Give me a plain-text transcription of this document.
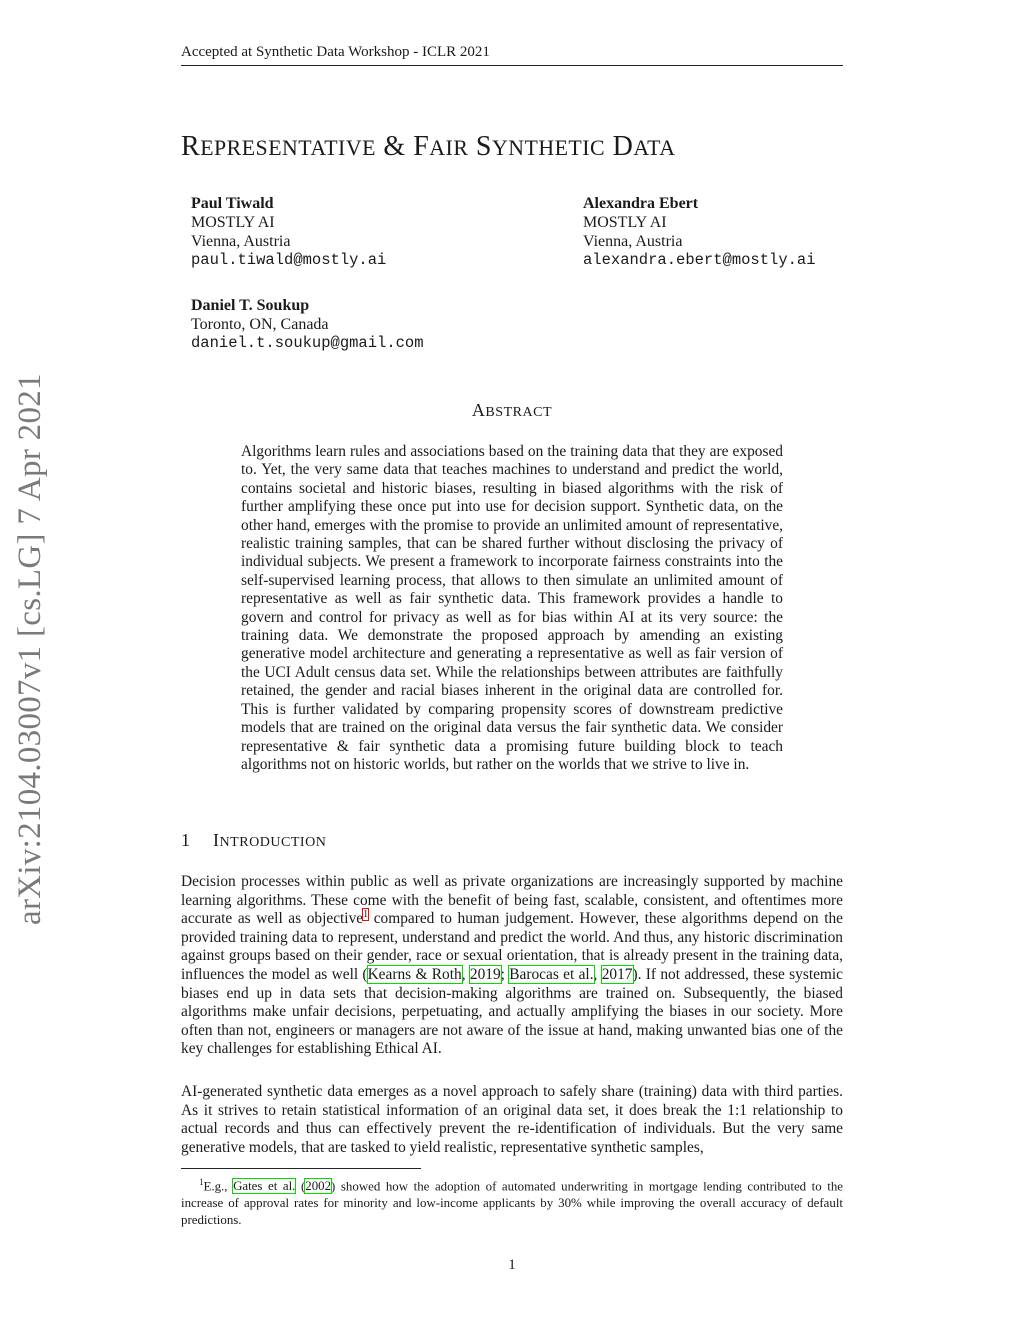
Accepted at Synthetic Data Workshop - ICLR 2021
REPRESENTATIVE & FAIR SYNTHETIC DATA
Paul Tiwald
MOSTLY AI
Vienna, Austria
paul.tiwald@mostly.ai
Alexandra Ebert
MOSTLY AI
Vienna, Austria
alexandra.ebert@mostly.ai
Daniel T. Soukup
Toronto, ON, Canada
daniel.t.soukup@gmail.com
arXiv:2104.03007v1 [cs.LG] 7 Apr 2021	ABSTRACT
Algorithms learn rules and associations based on the training data that they are exposed to. Yet, the very same data that teaches machines to understand and predict the world, contains societal and historic biases, resulting in biased algorithms with the risk of further amplifying these once put into use for decision support. Synthetic data, on the other hand, emerges with the promise to provide an unlimited amount of representative, realistic training samples, that can be shared further without disclosing the privacy of individual subjects. We present a framework to incorporate fairness constraints into the self-supervised learning process, that allows to then simulate an unlimited amount of representative as well as fair synthetic data. This framework provides a handle to govern and control for privacy as well as for bias within AI at its very source: the training data. We demonstrate the proposed approach by amending an existing generative model architecture and generating a representative as well as fair version of the UCI Adult census data set. While the relationships between attributes are faithfully retained, the gender and racial biases inherent in the original data are controlled for. This is further validated by comparing propensity scores of downstream predictive models that are trained on the original data versus the fair synthetic data. We consider representative & fair synthetic data a promising future building block to teach algorithms not on historic worlds, but rather on the worlds that we strive to live in.
1 INTRODUCTION
Decision processes within public as well as private organizations are increasingly supported by machine learning algorithms. These come with the benefit of being fast, scalable, consistent, and oftentimes more accurate as well as objective$^1$ compared to human judgement. However, these algorithms depend on the provided training data to represent, understand and predict the world. And thus, any historic discrimination against groups based on their gender, race or sexual orientation, that is already present in the training data, influences the model as well (Kearns & Roth, 2019; Barocas et al., 2017). If not addressed, these systemic biases end up in data sets that decision-making algorithms are trained on. Subsequently, the biased algorithms make unfair decisions, perpetuating, and actually amplifying the biases in our society. More often than not, engineers or managers are not aware of the issue at hand, making unwanted bias one of the key challenges for establishing Ethical AI.
AI-generated synthetic data emerges as a novel approach to safely share (training) data with third parties. As it strives to retain statistical information of an original data set, it does break the 1:1 relationship to actual records and thus can effectively prevent the re-identification of individuals. But the very same generative models, that are tasked to yield realistic, representative synthetic samples,
$^1$E.g., Gates et al. (2002) showed how the adoption of automated underwriting in mortgage lending contributed to the increase of approval rates for minority and low-income applicants by 30% while improving the overall accuracy of default predictions.
1
